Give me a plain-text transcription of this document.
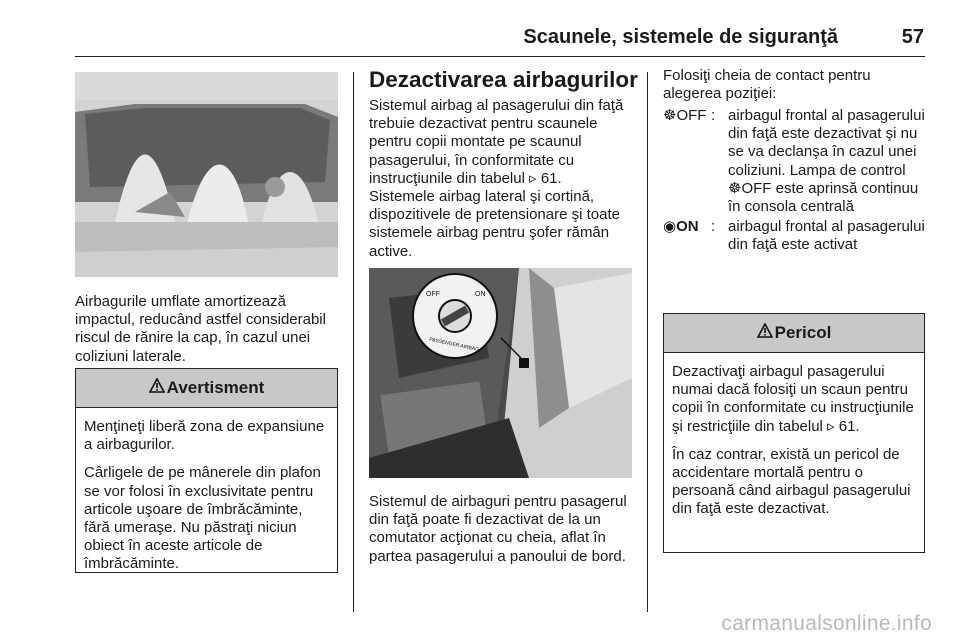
Scaunele, sistemele de siguranţă	57
Airbagurile umflate amortizează impactul, reducând astfel considerabil riscul de rănire la cap, în cazul unei coliziuni laterale.
Avertisment

Menţineţi liberă zona de expansiune a airbagurilor.

Cârligele de pe mânerele din plafon se vor folosi în exclusivitate pentru articole uşoare de îmbrăcăminte, fără umeraşe. Nu păstraţi niciun obiect în aceste articole de îmbrăcăminte.

Dezactivarea airbagurilor
Sistemul airbag al pasagerului din faţă trebuie dezactivat pentru scaunele pentru copii montate pe scaunul pasagerului, în conformitate cu instrucţiunile din tabelul ▹ 61.
Sistemele airbag lateral şi cortină, dispozitivele de pretensionare şi toate sistemele airbag pentru şofer rămân active.
OFF	ON
PASSENGER AIRBAG
Sistemul de airbaguri pentru pasagerul din faţă poate fi dezactivat de la un comutator acţionat cu cheia, aflat în partea pasagerului a panoului de bord.
Folosiţi cheia de contact pentru alegerea poziţiei:
☸OFF : airbagul frontal al pasagerului din faţă este dezactivat şi nu se va declanşa în cazul unei coliziuni. Lampa de control ☸OFF este aprinsă continuu în consola centrală
◉ON : airbagul frontal al pasagerului din faţă este activat
Pericol

Dezactivaţi airbagul pasagerului numai dacă folosiţi un scaun pentru copii în conformitate cu instrucţiunile şi restricţiile din tabelul ▹ 61.

În caz contrar, există un pericol de accidentare mortală pentru o persoană când airbagul pasagerului din faţă este dezactivat.

carmanualsonline.info
